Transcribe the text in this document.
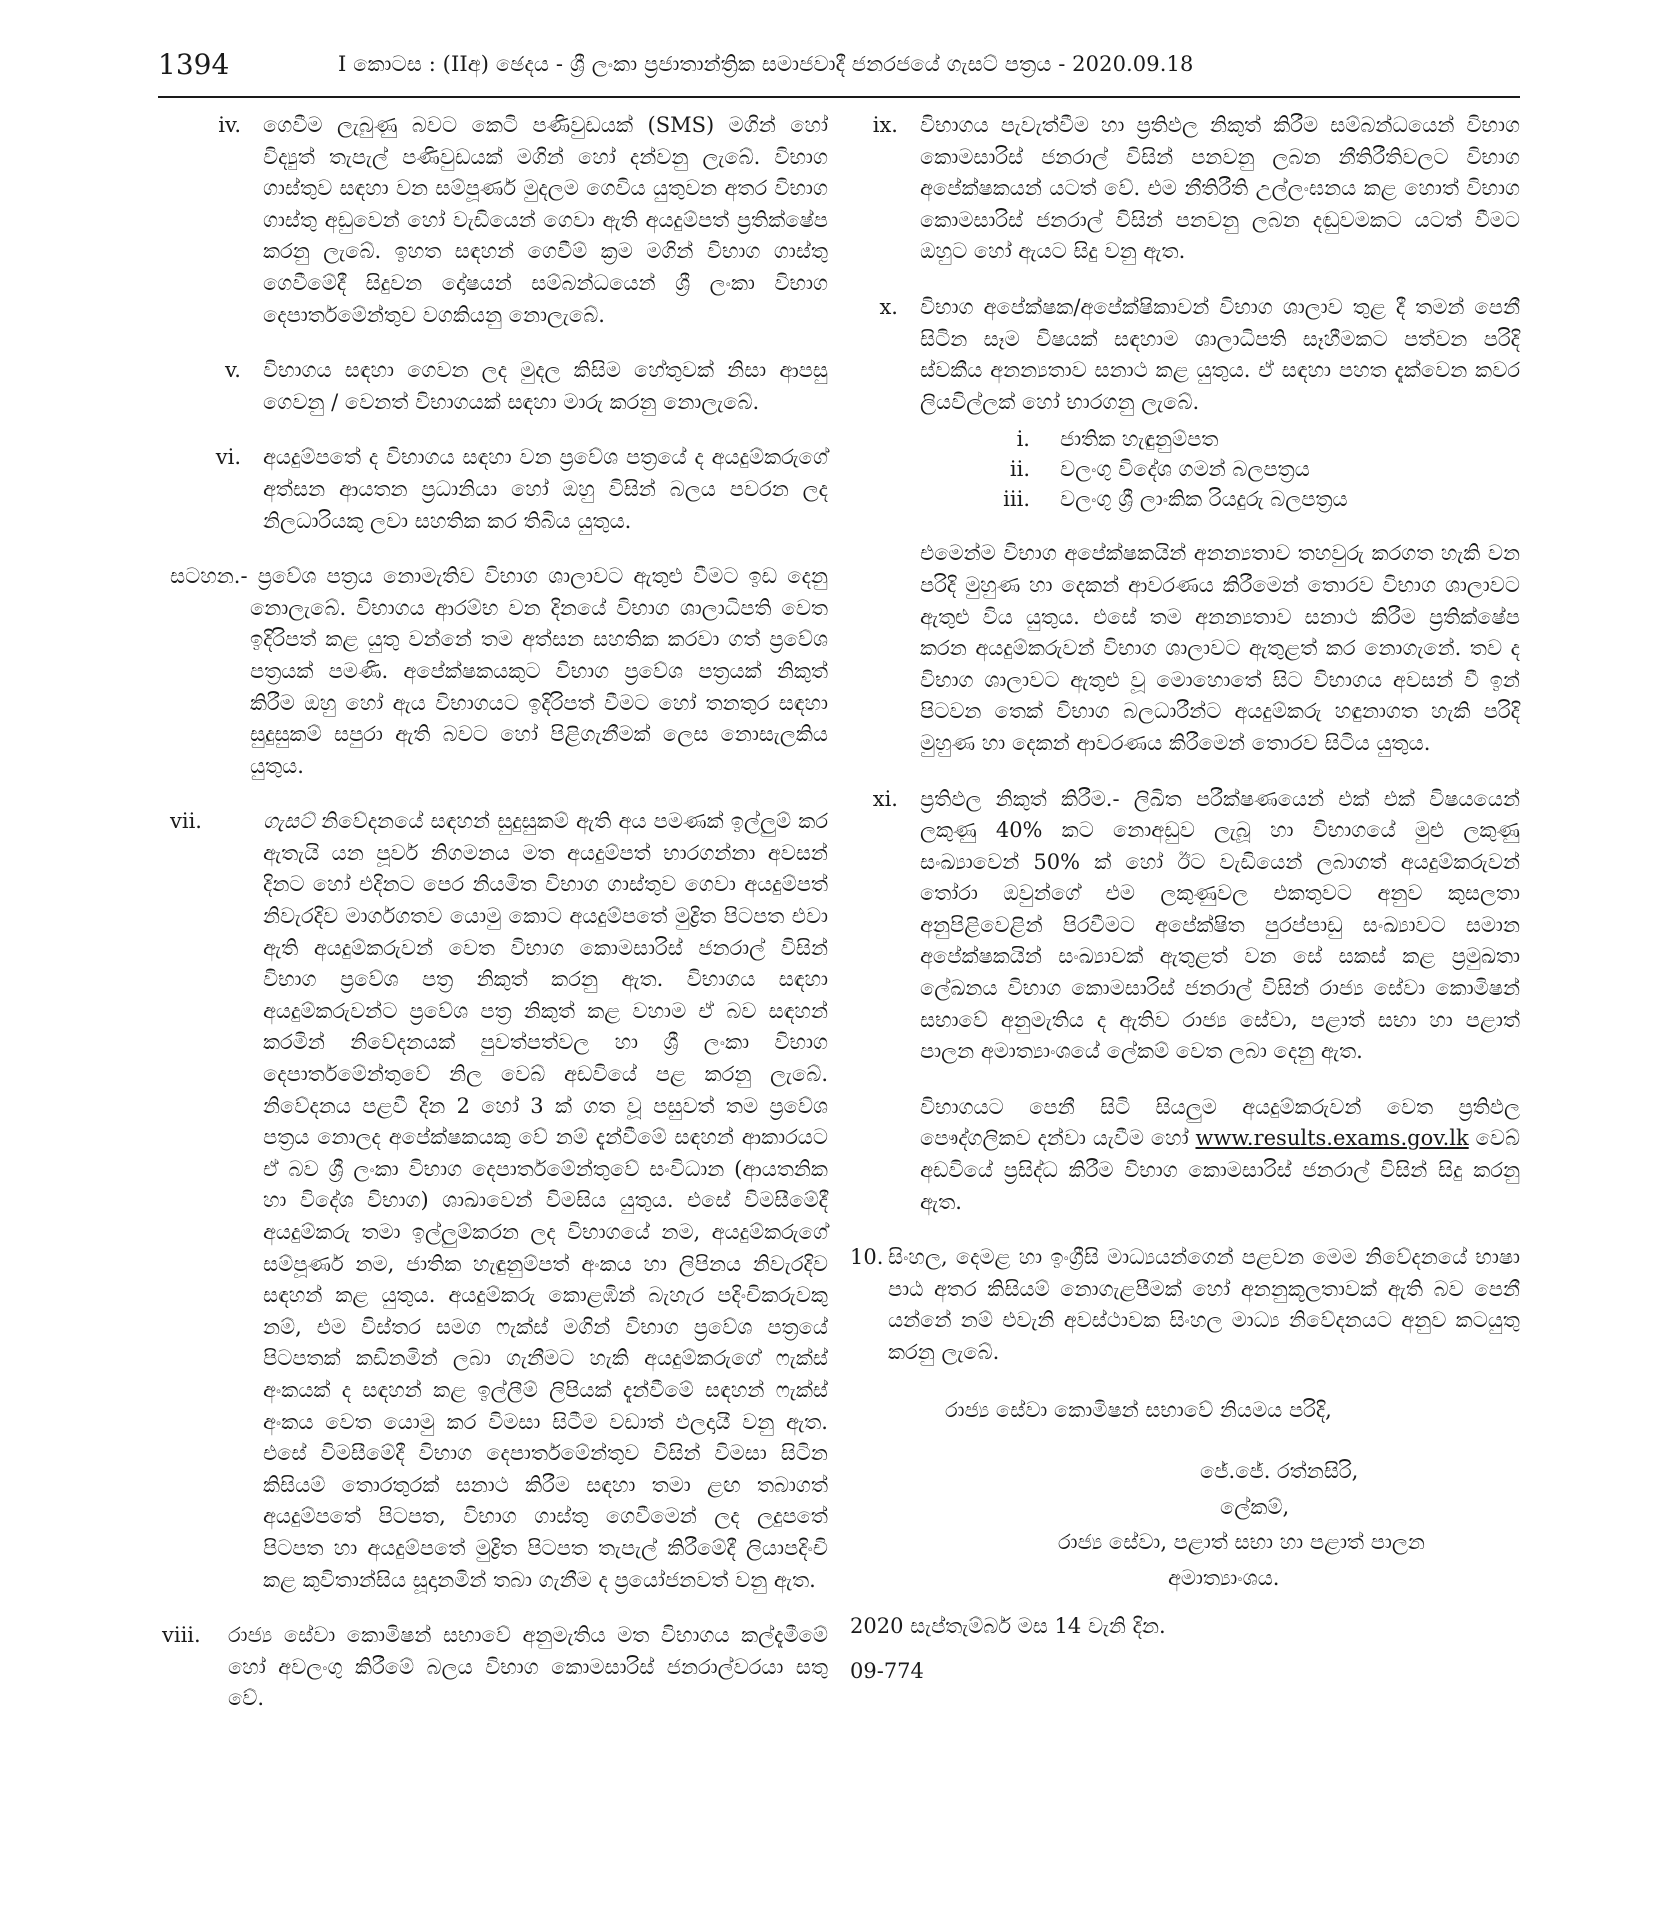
1394	I කොටස : (IIඅ) ඡෙදය - ශ්‍රී ලංකා ප්‍රජාතාන්ත්‍රික සමාජවාදී ජනරජයේ ගැසට් පත්‍රය - 2020.09.18
iv.	ගෙවීම ලැබුණු බවට කෙටි පණිවුඩයක් (SMS) මගින් හෝ විද්‍යුත් තැපැල් පණිවුඩයක් මගින් හෝ දන්වනු ලැබේ. විභාග ගාස්තුව සඳහා වන සම්පූර්ණ මුදලම ගෙවිය යුතුවන අතර විභාග ගාස්තු අඩුවෙන් හෝ වැඩියෙන් ගෙවා ඇති අයදුම්පත් ප්‍රතික්ෂේප කරනු ලැබේ. ඉහත සඳහන් ගෙවීම් ක්‍රම මගින් විභාග ගාස්තු ගෙවීමේදී සිදුවන දෝෂයන් සම්බන්ධයෙන් ශ්‍රී ලංකා විභාග දෙපාර්තමේන්තුව වගකියනු නොලැබේ.

v.	විභාගය සඳහා ගෙවන ලද මුදල කිසිම හේතුවක් නිසා ආපසු ගෙවනු / වෙනත් විභාගයක් සඳහා මාරු කරනු නොලැබේ.

vi.	අයදුම්පතේ ද විභාගය සඳහා වන ප්‍රවේශ පත්‍රයේ ද අයදුම්කරුගේ අත්සන ආයතන ප්‍රධානියා හෝ ඔහු විසින් බලය පවරන ලද නිලධාරියකු ලවා සහතික කර තිබිය යුතුය.

සටහන.- ප්‍රවේශ පත්‍රය නොමැතිව විභාග ශාලාවට ඇතුළු වීමට ඉඩ දෙනු නොලැබේ. විභාගය ආරම්භ වන දිනයේ විභාග ශාලාධිපති වෙත ඉදිරිපත් කළ යුතු වන්නේ තම අත්සන සහතික කරවා ගත් ප්‍රවේශ පත්‍රයක් පමණි. අපේක්ෂකයකුට විභාග ප්‍රවේශ පත්‍රයක් නිකුත් කිරීම ඔහු හෝ ඇය විභාගයට ඉදිරිපත් වීමට හෝ තනතුර සඳහා සුදුසුකම් සපුරා ඇති බවට හෝ පිළිගැනීමක් ලෙස නොසැලකිය යුතුය.

vii.	ගැසට් නිවේදනයේ සඳහන් සුදුසුකම් ඇති අය පමණක් ඉල්ලුම් කර ඇතැයි යන පූර්ව නිගමනය මත අයදුම්පත් භාරගන්නා අවසන් දිනට හෝ එදිනට පෙර නියමිත විභාග ගාස්තුව ගෙවා අයදුම්පත් නිවැරදිව මාර්ගගතව යොමු කොට අයදුම්පතේ මුද්‍රිත පිටපත එවා ඇති අයදුම්කරුවන් වෙත විභාග කොමසාරිස් ජනරාල් විසින් විභාග ප්‍රවේශ පත්‍ර නිකුත් කරනු ඇත. විභාගය සඳහා අයදුම්කරුවන්ට ප්‍රවේශ පත්‍ර නිකුත් කළ වහාම ඒ බව සඳහන් කරමින් නිවේදනයක් පුවත්පත්වල හා ශ්‍රී ලංකා විභාග දෙපාර්තමේන්තුවේ නිල වෙබ් අඩවියේ පළ කරනු ලැබේ. නිවේදනය පළවී දින 2 හෝ 3 ක් ගත වූ පසුවත් තම ප්‍රවේශ පත්‍රය නොලද අපේක්ෂකයකු වේ නම් දැන්වීමේ සඳහන් ආකාරයට ඒ බව ශ්‍රී ලංකා විභාග දෙපාර්තමේන්තුවේ සංවිධාන (ආයතනික හා විදේශ විභාග) ශාඛාවෙන් විමසිය යුතුය. එසේ විමසීමේදී අයදුම්කරු තමා ඉල්ලුම්කරන ලද විභාගයේ නම, අයදුම්කරුගේ සම්පූර්ණ නම, ජාතික හැඳුනුම්පත් අංකය හා ලිපිනය නිවැරදිව සඳහන් කළ යුතුය. අයදුම්කරු කොළඹින් බැහැර පදිංචිකරුවකු නම්, එම විස්තර සමග ෆැක්ස් මගින් විභාග ප්‍රවේශ පත්‍රයේ පිටපතක් කඩිනමින් ලබා ගැනීමට හැකි අයදුම්කරුගේ ෆැක්ස් අංකයක් ද සඳහන් කළ ඉල්ලීම් ලිපියක් දැන්වීමේ සඳහන් ෆැක්ස් අංකය වෙත යොමු කර විමසා සිටීම වඩාත් ඵලදායී වනු ඇත. එසේ විමසීමේදී විභාග දෙපාර්තමේන්තුව විසින් විමසා සිටින කිසියම් තොරතුරක් සනාථ කිරීම සඳහා තමා ළඟ තබාගත් අයදුම්පතේ පිටපත, විභාග ගාස්තු ගෙවීමෙන් ලද ලදුපතේ පිටපත හා අයදුම්පතේ මුද්‍රිත පිටපත තැපැල් කිරීමේදී ලියාපදිංචි කළ කුවිතාන්සිය සූදානමින් තබා ගැනීම ද ප්‍රයෝජනවත් වනු ඇත.

viii.	රාජ්‍ය සේවා කොමිෂන් සභාවේ අනුමැතිය මත විභාගය කල්දැමීමේ හෝ අවලංගු කිරීමේ බලය විභාග කොමසාරිස් ජනරාල්වරයා සතු වේ.

ix.	විභාගය පැවැත්වීම හා ප්‍රතිඵල නිකුත් කිරීම සම්බන්ධයෙන් විභාග කොමසාරිස් ජනරාල් විසින් පනවනු ලබන නීතිරීතිවලට විභාග අපේක්ෂකයන් යටත් වේ. එම නීතිරීති උල්ලංඝනය කළ හොත් විභාග කොමසාරිස් ජනරාල් විසින් පනවනු ලබන දඬුවමකට යටත් වීමට ඔහුට හෝ ඇයට සිදු වනු ඇත.

x.	විභාග අපේක්ෂක/අපේක්ෂිකාවන් විභාග ශාලාව තුළ දී තමන් පෙනී සිටින සෑම විෂයක් සඳහාම ශාලාධිපති සෑහීමකට පත්වන පරිදි ස්වකීය අනන්‍යතාව සනාථ කළ යුතුය. ඒ සඳහා පහත දැක්වෙන කවර ලියවිල්ලක් හෝ භාරගනු ලැබේ.

i.	ජාතික හැඳුනුම්පත
ii.	වලංගු විදේශ ගමන් බලපත්‍රය
iii.	වලංගු ශ්‍රී ලාංකික රියදුරු බලපත්‍රය

එමෙන්ම විභාග අපේක්ෂකයින් අනන්‍යතාව තහවුරු කරගත හැකි වන පරිදි මුහුණ හා දෙකන් ආවරණය කිරීමෙන් තොරව විභාග ශාලාවට ඇතුළු විය යුතුය. එසේ තම අනන්‍යතාව සනාථ කිරීම ප්‍රතික්ෂේප කරන අයදුම්කරුවන් විභාග ශාලාවට ඇතුළත් කර නොගැනේ. තව ද විභාග ශාලාවට ඇතුළු වූ මොහොතේ සිට විභාගය අවසන් වී ඉන් පිටවන තෙක් විභාග බලධාරීන්ට අයදුම්කරු හඳුනාගත හැකි පරිදි මුහුණ හා දෙකන් ආවරණය කිරීමෙන් තොරව සිටිය යුතුය.

xi.	ප්‍රතිඵල නිකුත් කිරීම.- ලිඛිත පරීක්ෂණයෙන් එක් එක් විෂයයෙන් ලකුණු 40% කට නොඅඩුව ලැබූ හා විභාගයේ මුළු ලකුණු සංඛ්‍යාවෙන් 50% ක් හෝ ඊට වැඩියෙන් ලබාගත් අයදුම්කරුවන් තෝරා ඔවුන්ගේ එම ලකුණුවල එකතුවට අනුව කුසලතා අනුපිළිවෙළින් පිරවීමට අපේක්ෂිත පුරප්පාඩු සංඛ්‍යාවට සමාන අපේක්ෂකයින් සංඛ්‍යාවක් ඇතුළත් වන සේ සකස් කළ ප්‍රමුඛතා ලේඛනය විභාග කොමසාරිස් ජනරාල් විසින් රාජ්‍ය සේවා කොමිෂන් සභාවේ අනුමැතිය ද ඇතිව රාජ්‍ය සේවා, පළාත් සභා හා පළාත් පාලන අමාත්‍යාංශයේ ලේකම් වෙත ලබා දෙනු ඇත.

විභාගයට පෙනී සිටි සියලුම අයදුම්කරුවන් වෙත ප්‍රතිඵල පෞද්ගලිකව දන්වා යැවීම හෝ www.results.exams.gov.lk වෙබ් අඩවියේ ප්‍රසිද්ධ කිරීම විභාග කොමසාරිස් ජනරාල් විසින් සිදු කරනු ඇත.

10. සිංහල, දෙමළ හා ඉංග්‍රීසි මාධ්‍යයන්ගෙන් පළවන මෙම නිවේදනයේ භාෂා පාඨ අතර කිසියම් නොගැළපීමක් හෝ අනනුකූලතාවක් ඇති බව පෙනී යන්නේ නම් එවැනි අවස්ථාවක සිංහල මාධ්‍ය නිවේදනයට අනුව කටයුතු කරනු ලැබේ.

රාජ්‍ය සේවා කොමිෂන් සභාවේ නියමය පරිදි,

ජේ.ජේ. රත්නසිරි,

ලේකම්,

රාජ්‍ය සේවා, පළාත් සභා හා පළාත් පාලන

අමාත්‍යාංශය.

2020 සැප්තැම්බර් මස 14 වැනි දින.

09-774
